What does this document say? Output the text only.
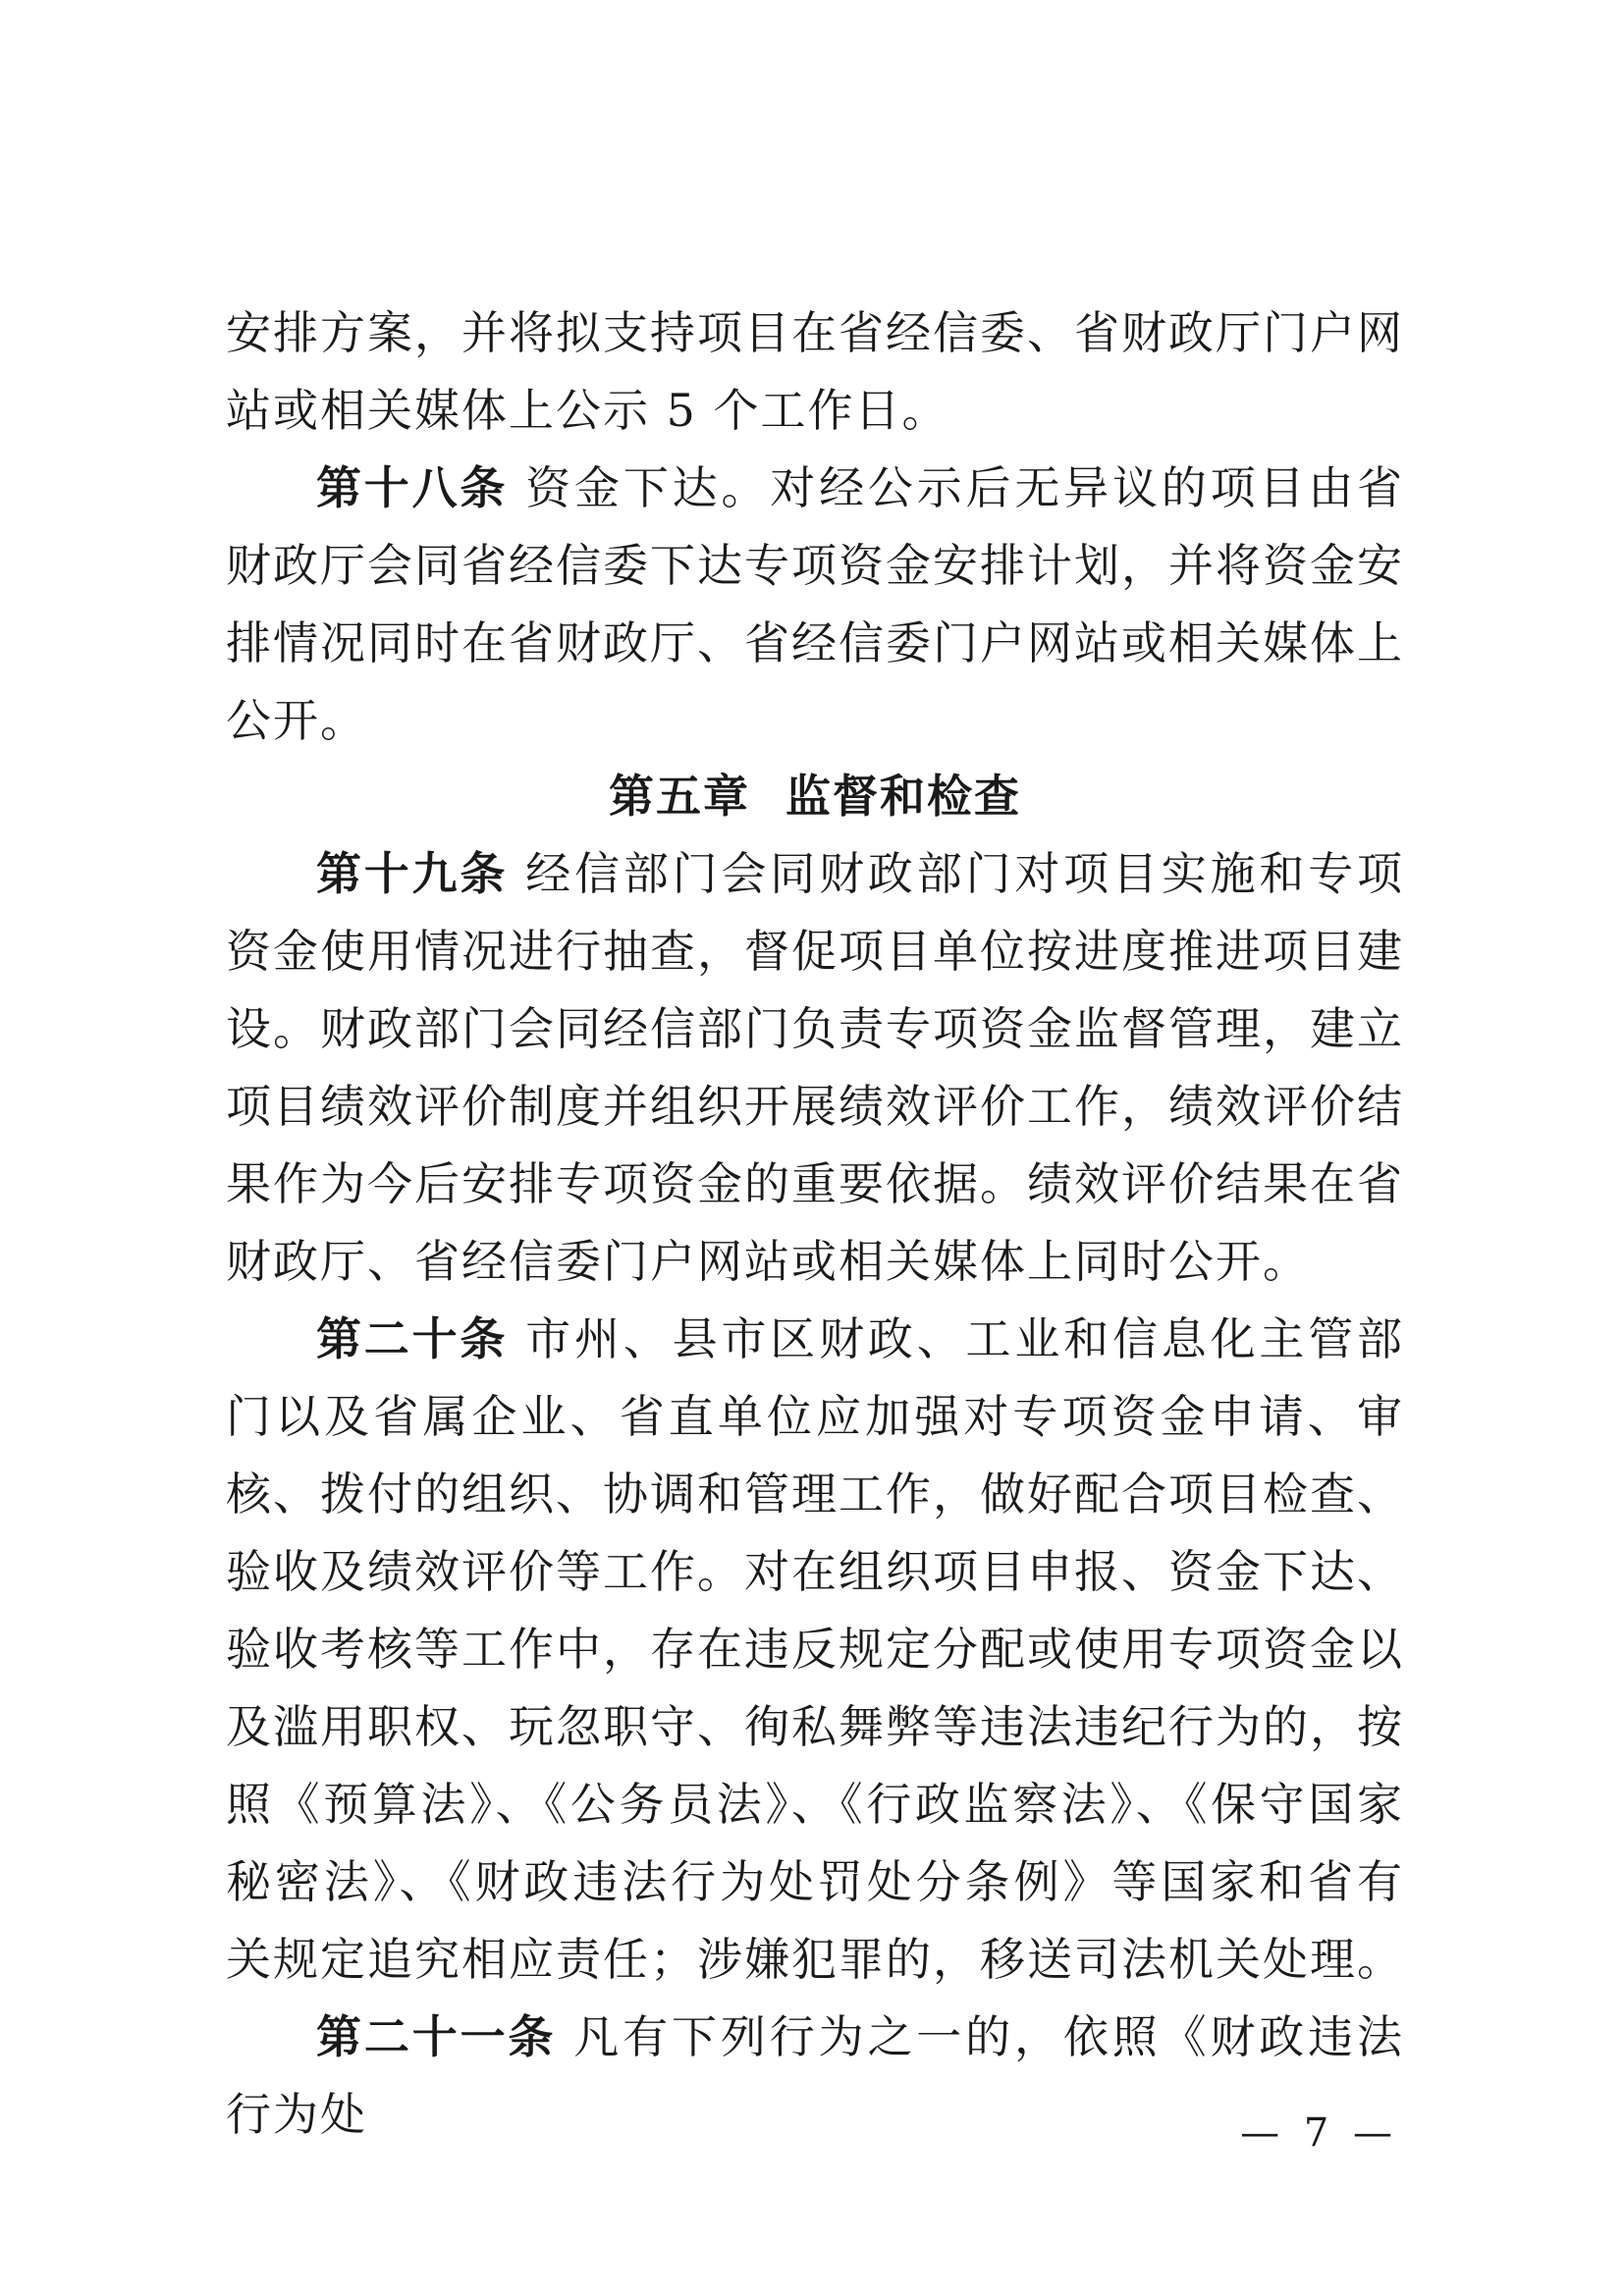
安排方案，并将拟支持项目在省经信委、省财政厅门户网站或相关媒体上公示 5 个工作日。

第十八条 资金下达。对经公示后无异议的项目由省财政厅会同省经信委下达专项资金安排计划，并将资金安排情况同时在省财政厅、省经信委门户网站或相关媒体上公开。

第五章 监督和检查

第十九条 经信部门会同财政部门对项目实施和专项资金使用情况进行抽查，督促项目单位按进度推进项目建设。财政部门会同经信部门负责专项资金监督管理，建立项目绩效评价制度并组织开展绩效评价工作，绩效评价结果作为今后安排专项资金的重要依据。绩效评价结果在省财政厅、省经信委门户网站或相关媒体上同时公开。

第二十条 市州、县市区财政、工业和信息化主管部门以及省属企业、省直单位应加强对专项资金申请、审核、拨付的组织、协调和管理工作，做好配合项目检查、验收及绩效评价等工作。对在组织项目申报、资金下达、验收考核等工作中，存在违反规定分配或使用专项资金以及滥用职权、玩忽职守、徇私舞弊等违法违纪行为的，按照《预算法》、《公务员法》、《行政监察法》、《保守国家秘密法》、《财政违法行为处罚处分条例》等国家和省有关规定追究相应责任；涉嫌犯罪的，移送司法机关处理。

第二十一条 凡有下列行为之一的，依照《财政违法行为处	— 7 —
